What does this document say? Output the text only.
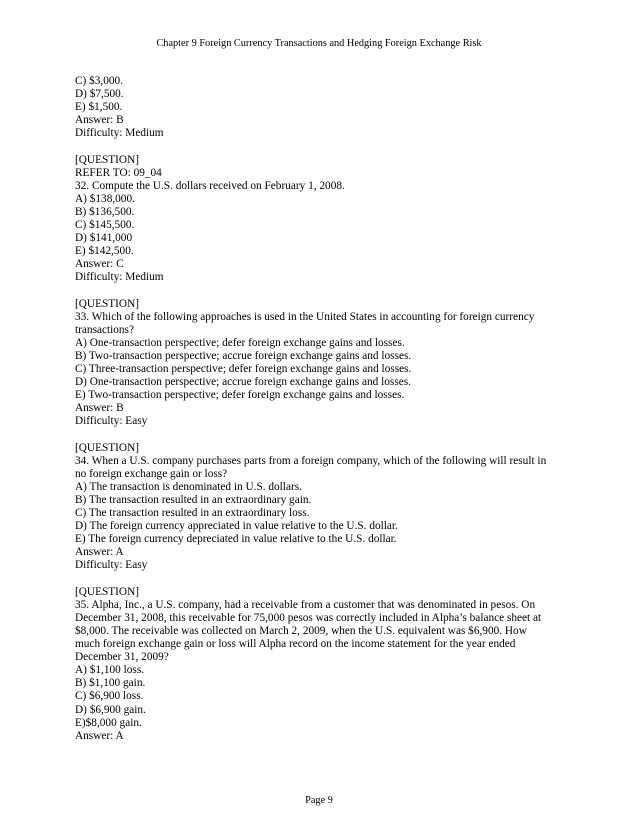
Chapter 9 Foreign Currency Transactions and Hedging Foreign Exchange Risk
C) $3,000.
D) $7,500.
E) $1,500.
Answer: B
Difficulty: Medium
[QUESTION]
REFER TO: 09_04
32. Compute the U.S. dollars received on February 1, 2008.
A) $138,000.
B) $136,500.
C) $145,500.
D) $141,000
E) $142,500.
Answer: C
Difficulty: Medium
[QUESTION]
33. Which of the following approaches is used in the United States in accounting for foreign currency
transactions?
A) One-transaction perspective; defer foreign exchange gains and losses.
B) Two-transaction perspective; accrue foreign exchange gains and losses.
C) Three-transaction perspective; defer foreign exchange gains and losses.
D) One-transaction perspective; accrue foreign exchange gains and losses.
E) Two-transaction perspective; defer foreign exchange gains and losses.
Answer: B
Difficulty: Easy
[QUESTION]
34. When a U.S. company purchases parts from a foreign company, which of the following will result in
no foreign exchange gain or loss?
A) The transaction is denominated in U.S. dollars.
B) The transaction resulted in an extraordinary gain.
C) The transaction resulted in an extraordinary loss.
D) The foreign currency appreciated in value relative to the U.S. dollar.
E) The foreign currency depreciated in value relative to the U.S. dollar.
Answer: A
Difficulty: Easy
[QUESTION]
35. Alpha, Inc., a U.S. company, had a receivable from a customer that was denominated in pesos. On
December 31, 2008, this receivable for 75,000 pesos was correctly included in Alpha’s balance sheet at
$8,000. The receivable was collected on March 2, 2009, when the U.S. equivalent was $6,900. How
much foreign exchange gain or loss will Alpha record on the income statement for the year ended
December 31, 2009?
A) $1,100 loss.
B) $1,100 gain.
C) $6,900 loss.
D) $6,900 gain.
E)$8,000 gain.
Answer: A
Page 9
